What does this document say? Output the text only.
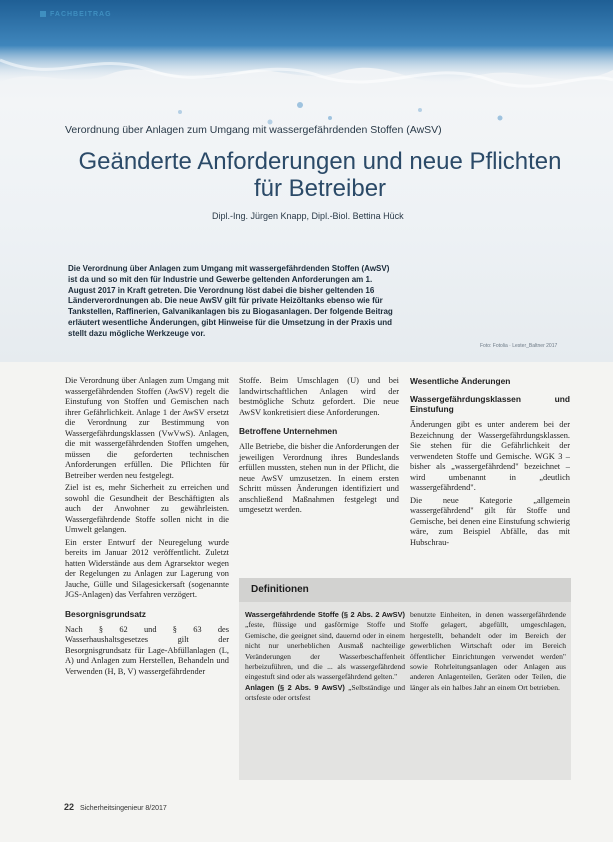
FACHBEITRAG
Verordnung über Anlagen zum Umgang mit wassergefährdenden Stoffen (AwSV)
Geänderte Anforderungen und neue Pflichten
für Betreiber
Dipl.-Ing. Jürgen Knapp, Dipl.-Biol. Bettina Hück
Die Verordnung über Anlagen zum Umgang mit wassergefährdenden Stoffen (AwSV) ist da und so mit den für Industrie und Gewerbe geltenden Anforderungen am 1. August 2017 in Kraft getreten. Die Verordnung löst dabei die bisher geltenden 16 Länderverordnungen ab. Die neue AwSV gilt für private Heizöltanks ebenso wie für Tankstellen, Raffinerien, Galvanikanlagen bis zu Biogasanlagen. Der folgende Beitrag erläutert wesentliche Änderungen, gibt Hinweise für die Umsetzung in der Praxis und stellt dazu mögliche Werkzeuge vor.
Foto: Fotolia · Lester_Baltner 2017

Die Verordnung über Anlagen zum Umgang mit wassergefährdenden Stoffen (AwSV) regelt die Einstufung von Stoffen und Gemischen nach ihrer Gefährlichkeit. Anlage 1 der AwSV ersetzt die Verordnung zur Bestimmung von Wassergefährdungsklassen (VwVwS). Anlagen, die mit wassergefährdenden Stoffen umgehen, müssen die geforderten technischen Anforderungen erfüllen. Die Pflichten für Betreiber werden neu festgelegt.

Ziel ist es, mehr Sicherheit zu erreichen und sowohl die Gesundheit der Beschäftigten als auch der Anwohner zu gewährleisten. Wassergefährdende Stoffe sollen nicht in die Umwelt gelangen.

Ein erster Entwurf der Neuregelung wurde bereits im Januar 2012 veröffentlicht. Zuletzt hatten Widerstände aus dem Agrarsektor wegen der Regelungen zu Anlagen zur Lagerung von Jauche, Gülle und Silagesickersaft (sogenannte JGS-Anlagen) das Verfahren verzögert.

Besorgnisgrundsatz

Nach § 62 und § 63 des Wasserhaushaltsgesetzes gilt der Besorgnisgrundsatz für Lage-Abfüllanlagen (L, A) und Anlagen zum Herstellen, Behandeln und Verwenden (H, B, V) wassergefährdender

Stoffe. Beim Umschlagen (U) und bei landwirtschaftlichen Anlagen wird der bestmögliche Schutz gefordert. Die neue AwSV konkretisiert diese Anforderungen.

Betroffene Unternehmen

Alle Betriebe, die bisher die Anforderungen der jeweiligen Verordnung ihres Bundeslands erfüllen mussten, stehen nun in der Pflicht, die neue AwSV umzusetzen. In einem ersten Schritt müssen Änderungen identifiziert und anschließend Maßnahmen festgelegt und umgesetzt werden.

Wesentliche Änderungen
Wassergefährdungsklassen und Einstufung

Änderungen gibt es unter anderem bei der Bezeichnung der Wassergefährdungsklassen. Sie stehen für die Gefährlichkeit der verwendeten Stoffe und Gemische. WGK 3 – bisher als „wassergefährdend" bezeichnet – wird umbenannt in „deutlich wassergefährdend".

Die neue Kategorie „allgemein wassergefährdend" gilt für Stoffe und Gemische, bei denen eine Einstufung schwierig wäre, zum Beispiel Abfälle, das mit Hubschrau-

Definitionen
Wassergefährdende Stoffe (§ 2 Abs. 2 AwSV) „feste, flüssige und gasförmige Stoffe und Gemische, die geeignet sind, dauernd oder in einem nicht nur unerheblichen Ausmaß nachteilige Veränderungen der Wasserbeschaffenheit herbeizuführen, und die ... als wassergefährdend eingestuft sind oder als wassergefährdend gelten."
Anlagen (§ 2 Abs. 9 AwSV) „Selbständige und ortsfeste oder ortsfest
benutzte Einheiten, in denen wassergefährdende Stoffe gelagert, abgefüllt, umgeschlagen, hergestellt, behandelt oder im Bereich der gewerblichen Wirtschaft oder im Bereich öffentlicher Einrichtungen verwendet werden" sowie Rohrleitungsanlagen oder Anlagen aus anderen Anlagenteilen, Geräten oder Teilen, die länger als ein halbes Jahr an einem Ort betrieben.
22 Sicherheitsingenieur 8/2017
